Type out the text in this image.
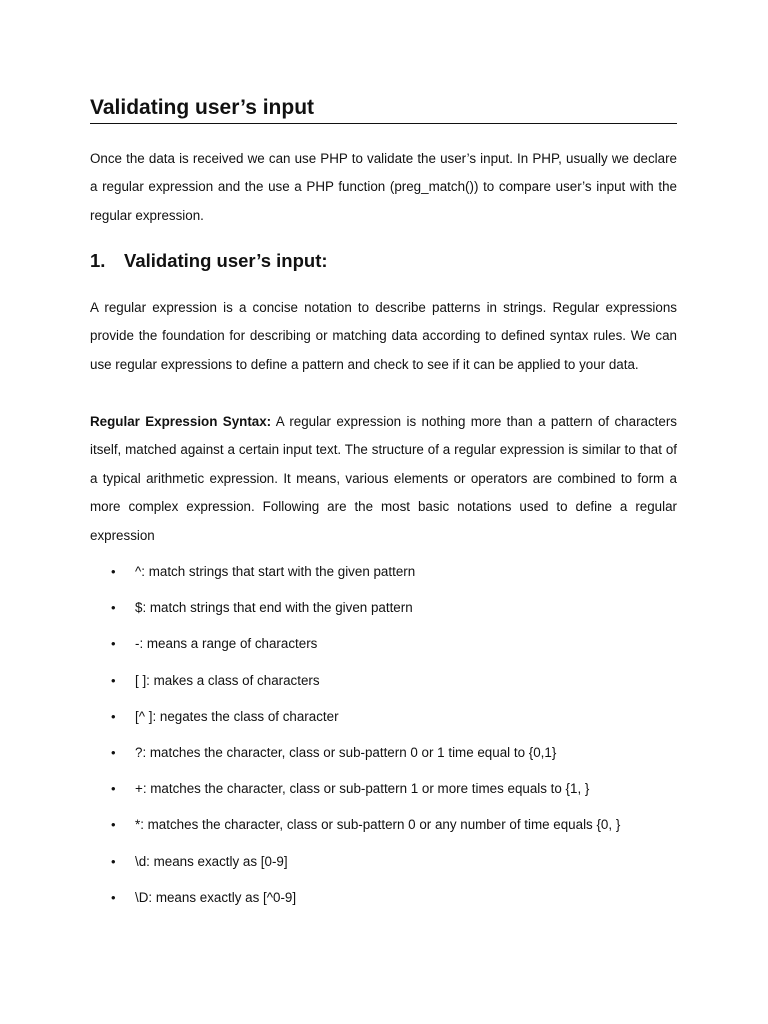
Validating user’s input

Once the data is received we can use PHP to validate the user’s input. In PHP, usually we declare a regular expression and the use a PHP function (preg_match()) to compare user’s input with the regular expression.

1. Validating user’s input:

A regular expression is a concise notation to describe patterns in strings. Regular expressions provide the foundation for describing or matching data according to defined syntax rules. We can use regular expressions to define a pattern and check to see if it can be applied to your data.

Regular Expression Syntax: A regular expression is nothing more than a pattern of characters itself, matched against a certain input text. The structure of a regular expression is similar to that of a typical arithmetic expression. It means, various elements or operators are combined to form a more complex expression. Following are the most basic notations used to define a regular expression

• ^: match strings that start with the given pattern
• $: match strings that end with the given pattern
• -: means a range of characters
• [ ]: makes a class of characters
• [^ ]: negates the class of character
• ?: matches the character, class or sub-pattern 0 or 1 time equal to {0,1}
• +: matches the character, class or sub-pattern 1 or more times equals to {1, }
• *: matches the character, class or sub-pattern 0 or any number of time equals {0, }
• \d: means exactly as [0-9]
• \D: means exactly as [^0-9]
